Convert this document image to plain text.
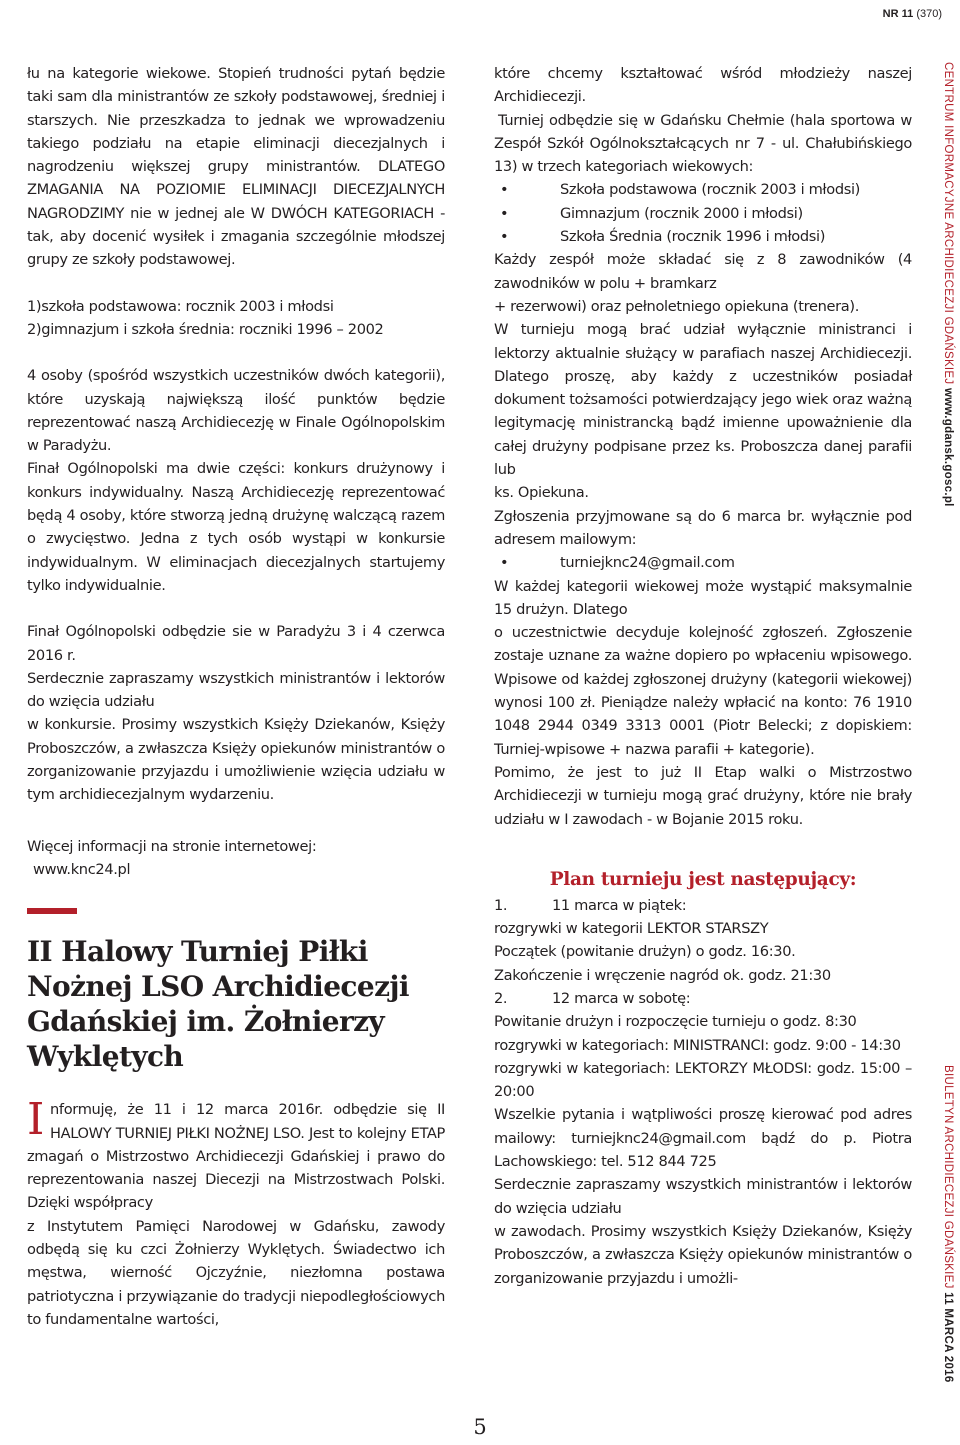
NR 11 (370)

łu na kategorie wiekowe. Stopień trudności pytań będzie taki sam dla ministrantów ze szkoły podstawowej, średniej i starszych. Nie przeszkadza to jednak we wprowadzeniu takiego podziału na etapie eliminacji diecezjalnych i nagrodzeniu większej grupy ministrantów. DLATEGO ZMAGANIA NA POZIOMIE ELIMINACJI DIECEZJALNYCH NAGRODZIMY nie w jednej ale W DWÓCH KATEGORIACH - tak, aby docenić wysiłek i zmagania szczególnie młodszej grupy ze szkoły podstawowej.

1)szkoła podstawowa: rocznik 2003 i młodsi

2)gimnazjum i szkoła średnia: roczniki 1996 – 2002

4 osoby (spośród wszystkich uczestników dwóch kategorii), które uzyskają największą ilość punktów będzie reprezentować naszą Archidiecezję w Finale Ogólnopolskim w Paradyżu.

Finał Ogólnopolski ma dwie części: konkurs drużynowy i konkurs indywidualny. Naszą Archidiecezję reprezentować będą 4 osoby, które stworzą jedną drużynę walczącą razem o zwycięstwo. Jedna z tych osób wystąpi w konkursie indywidualnym. W eliminacjach diecezjalnych startujemy tylko indywidualnie.

Finał Ogólnopolski odbędzie sie w Paradyżu 3 i 4 czerwca 2016 r.

Serdecznie zapraszamy wszystkich ministrantów i lektorów do wzięcia udziału

w konkursie. Prosimy wszystkich Księży Dziekanów, Księży Proboszczów, a zwłaszcza Księży opiekunów ministrantów o zorganizowanie przyjazdu i umożliwienie wzięcia udziału w tym archidiecezjalnym wydarzeniu.

Więcej informacji na stronie internetowej:

www.knc24.pl

II Halowy Turniej Piłki Nożnej LSO Archidiecezji Gdańskiej im. Żołnierzy Wyklętych

I nformuję, że 11 i 12 marca 2016r. odbędzie się II HALOWY TURNIEJ PIŁKI NOŻNEJ LSO. Jest to kolejny ETAP zmagań o Mistrzostwo Archidiecezji Gdańskiej i prawo do reprezentowania naszej Diecezji na Mistrzostwach Polski. Dzięki współpracy

z Instytutem Pamięci Narodowej w Gdańsku, zawody odbędą się ku czci Żołnierzy Wyklętych. Świadectwo ich męstwa, wierność Ojczyźnie, niezłomna postawa patriotyczna i przywiązanie do tradycji niepodległościowych to fundamentalne wartości,

które chcemy kształtować wśród młodzieży naszej Archidiecezji.

Turniej odbędzie się w Gdańsku Chełmie (hala sportowa w Zespół Szkół Ogólnokształcących nr 7 - ul. Chałubińskiego 13) w trzech kategoriach wiekowych:

•	Szkoła podstawowa (rocznik 2003 i młodsi)
•	Gimnazjum (rocznik 2000 i młodsi)
•	Szkoła Średnia (rocznik 1996 i młodsi)

Każdy zespół może składać się z 8 zawodników (4 zawodników w polu + bramkarz

+ rezerwowi) oraz pełnoletniego opiekuna (trenera).

W turnieju mogą brać udział wyłącznie ministranci i lektorzy aktualnie służący w parafiach naszej Archidiecezji. Dlatego proszę, aby każdy z uczestników posiadał dokument tożsamości potwierdzający jego wiek oraz ważną legitymację ministrancką bądź imienne upoważnienie dla całej drużyny podpisane przez ks. Proboszcza danej parafii lub

ks. Opiekuna.

Zgłoszenia przyjmowane są do 6 marca br. wyłącznie pod adresem mailowym:

•	turniejknc24@gmail.com

W każdej kategorii wiekowej może wystąpić maksymalnie 15 drużyn. Dlatego

o uczestnictwie decyduje kolejność zgłoszeń. Zgłoszenie zostaje uznane za ważne dopiero po wpłaceniu wpisowego. Wpisowe od każdej zgłoszonej drużyny (kategorii wiekowej) wynosi 100 zł. Pieniądze należy wpłacić na konto: 76 1910 1048 2944 0349 3313 0001 (Piotr Belecki; z dopiskiem: Turniej-wpisowe + nazwa parafii + kategorie).

Pomimo, że jest to już II Etap walki o Mistrzostwo Archidiecezji w turnieju mogą grać drużyny, które nie brały udziału w I zawodach - w Bojanie 2015 roku.

Plan turnieju jest następujący:
1.	11 marca w piątek:

rozgrywki w kategorii LEKTOR STARSZY

Początek (powitanie drużyn) o godz. 16:30.

Zakończenie i wręczenie nagród ok. godz. 21:30

2.	12 marca w sobotę:

Powitanie drużyn i rozpoczęcie turnieju o godz. 8:30

rozgrywki w kategoriach: MINISTRANCI: godz. 9:00 - 14:30

rozgrywki w kategoriach: LEKTORZY MŁODSI: godz. 15:00 – 20:00

Wszelkie pytania i wątpliwości proszę kierować pod adres mailowy: turniejknc24@gmail.com bądź do p. Piotra Lachowskiego: tel. 512 844 725

Serdecznie zapraszamy wszystkich ministrantów i lektorów do wzięcia udziału

w zawodach. Prosimy wszystkich Księży Dziekanów, Księży Proboszczów, a zwłaszcza Księży opiekunów ministrantów o zorganizowanie przyjazdu i umożli-

CENTRUM INFORMACYJNE ARCHIDIECEZJI GDAŃSKIEJ www.gdansk.gosc.pl
BIULETYN ARCHIDIECEZJI GDAŃSKIEJ 11 MARCA 2016
5
